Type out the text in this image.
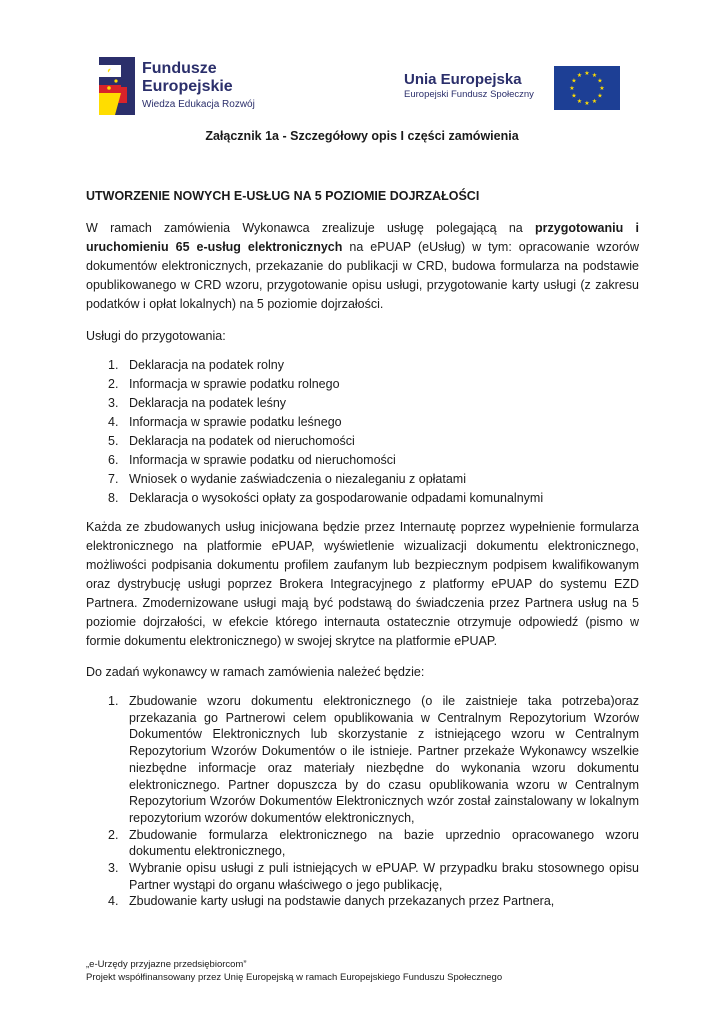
Fundusze
Europejskie
Wiedza Edukacja Rozwój
Unia Europejska
Europejski Fundusz Społeczny
★ ★
★
★
★
★
★
★
★
★
★
★
Załącznik 1a - Szczegółowy opis I części zamówienia
UTWORZENIE NOWYCH E-USŁUG NA 5 POZIOMIE DOJRZAŁOŚCI

W ramach zamówienia Wykonawca zrealizuje usługę polegającą na przygotowaniu i uruchomieniu 65 e-usług elektronicznych na ePUAP (eUsług) w tym: opracowanie wzorów dokumentów elektronicznych, przekazanie do publikacji w CRD, budowa formularza na podstawie opublikowanego w CRD wzoru, przygotowanie opisu usługi, przygotowanie karty usługi (z zakresu podatków i opłat lokalnych) na 5 poziomie dojrzałości.

Usługi do przygotowania:

1. Deklaracja na podatek rolny
2. Informacja w sprawie podatku rolnego
3. Deklaracja na podatek leśny
4. Informacja w sprawie podatku leśnego
5. Deklaracja na podatek od nieruchomości
6. Informacja w sprawie podatku od nieruchomości
7. Wniosek o wydanie zaświadczenia o niezaleganiu z opłatami
8. Deklaracja o wysokości opłaty za gospodarowanie odpadami komunalnymi

Każda ze zbudowanych usług inicjowana będzie przez Internautę poprzez wypełnienie formularza elektronicznego na platformie ePUAP, wyświetlenie wizualizacji dokumentu elektronicznego, możliwości podpisania dokumentu profilem zaufanym lub bezpiecznym podpisem kwalifikowanym oraz dystrybucję usługi poprzez Brokera Integracyjnego z platformy ePUAP do systemu EZD Partnera. Zmodernizowane usługi mają być podstawą do świadczenia przez Partnera usług na 5 poziomie dojrzałości, w efekcie którego internauta ostatecznie otrzymuje odpowiedź (pismo w formie dokumentu elektronicznego) w swojej skrytce na platformie ePUAP.

Do zadań wykonawcy w ramach zamówienia należeć będzie:

1. Zbudowanie wzoru dokumentu elektronicznego (o ile zaistnieje taka potrzeba)oraz przekazania go Partnerowi celem opublikowania w Centralnym Repozytorium Wzorów Dokumentów Elektronicznych lub skorzystanie z istniejącego wzoru w Centralnym Repozytorium Wzorów Dokumentów o ile istnieje. Partner przekaże Wykonawcy wszelkie niezbędne informacje oraz materiały niezbędne do wykonania wzoru dokumentu elektronicznego. Partner dopuszcza by do czasu opublikowania wzoru w Centralnym Repozytorium Wzorów Dokumentów Elektronicznych wzór został zainstalowany w lokalnym repozytorium wzorów dokumentów elektronicznych,
2. Zbudowanie formularza elektronicznego na bazie uprzednio opracowanego wzoru dokumentu elektronicznego,
3. Wybranie opisu usługi z puli istniejących w ePUAP. W przypadku braku stosownego opisu Partner wystąpi do organu właściwego o jego publikację,
4. Zbudowanie karty usługi na podstawie danych przekazanych przez Partnera,
„e-Urzędy przyjazne przedsiębiorcom”
Projekt współfinansowany przez Unię Europejską w ramach Europejskiego Funduszu Społecznego
